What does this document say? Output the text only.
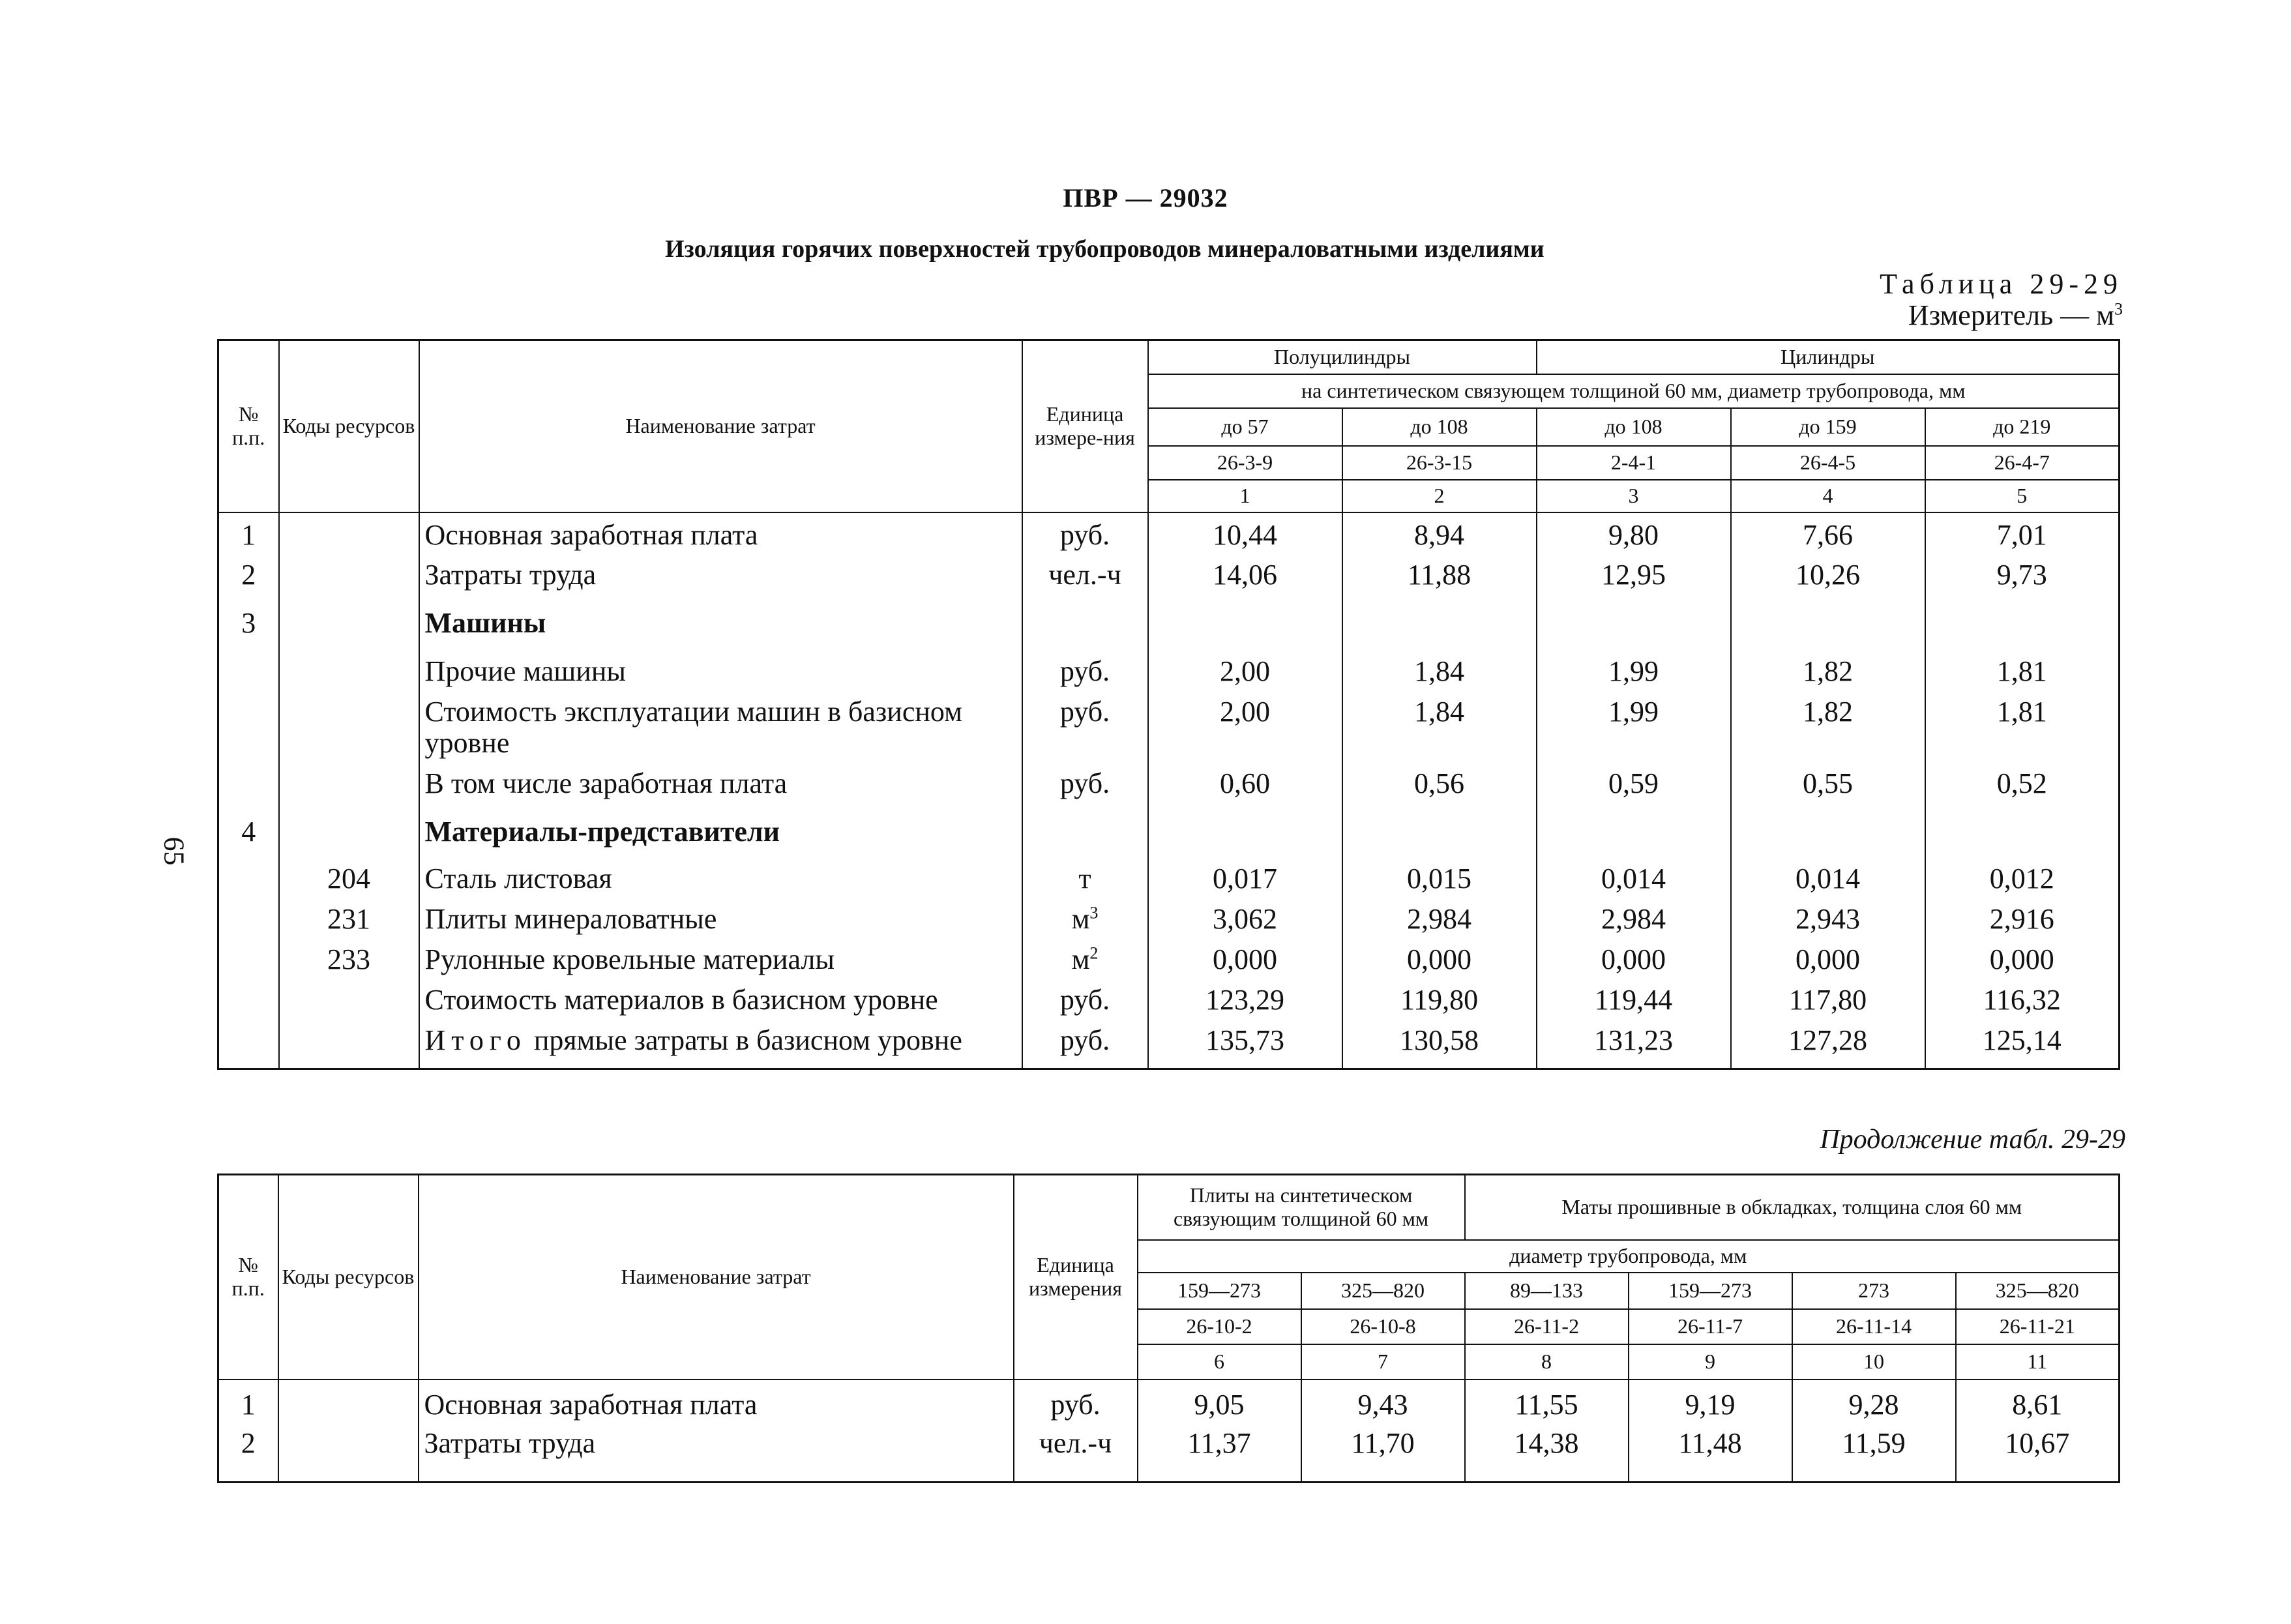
ПВР — 29032
Изоляция горячих поверхностей трубопроводов минераловатными изделиями
Таблица 29-29
Измеритель — $м^3$
65
№ п.п.	Коды ресурсов	Наименование затрат	Единица измере-ния	Полуцилиндры		Цилиндры		
				на синтетическом связующем толщиной 60 мм, диаметр трубопровода, мм				
				до 57	до 108	до 108	до 159	до 219
				26-3-9	26-3-15	2-4-1	26-4-5	26-4-7
				1	2	3	4	5
1		Основная заработная плата	руб.	10,44	8,94	9,80	7,66	7,01
2		Затраты труда	чел.-ч	14,06	11,88	12,95	10,26	9,73
3		Машины						
		Прочие машины	руб.	2,00	1,84	1,99	1,82	1,81
		Стоимость эксплуатации машин в базисном уровне	руб.	2,00	1,84	1,99	1,82	1,81
		В том числе заработная плата	руб.	0,60	0,56	0,59	0,55	0,52
4		Материалы-представители						
	204	Сталь листовая	т	0,017	0,015	0,014	0,014	0,012
	231	Плиты минераловатные	$м^3$	3,062	2,984	2,984	2,943	2,916
	233	Рулонные кровельные материалы	$м^2$	0,000	0,000	0,000	0,000	0,000
		Стоимость материалов в базисном уровне	руб.	123,29	119,80	119,44	117,80	116,32
		Итого прямые затраты в базисном уровне	руб.	135,73	130,58	131,23	127,28	125,14
Продолжение табл. 29-29
№ п.п.	Коды ресурсов	Наименование затрат	Единица измерения	Плиты на синтетическом связующим толщиной 60 мм		Маты прошивные в обкладках, толщина слоя 60 мм			
				диаметр трубопровода, мм					
				159—273	325—820	89—133	159—273	273	325—820
				26-10-2	26-10-8	26-11-2	26-11-7	26-11-14	26-11-21
				6	7	8	9	10	11
1		Основная заработная плата	руб.	9,05	9,43	11,55	9,19	9,28	8,61
2		Затраты труда	чел.-ч	11,37	11,70	14,38	11,48	11,59	10,67
